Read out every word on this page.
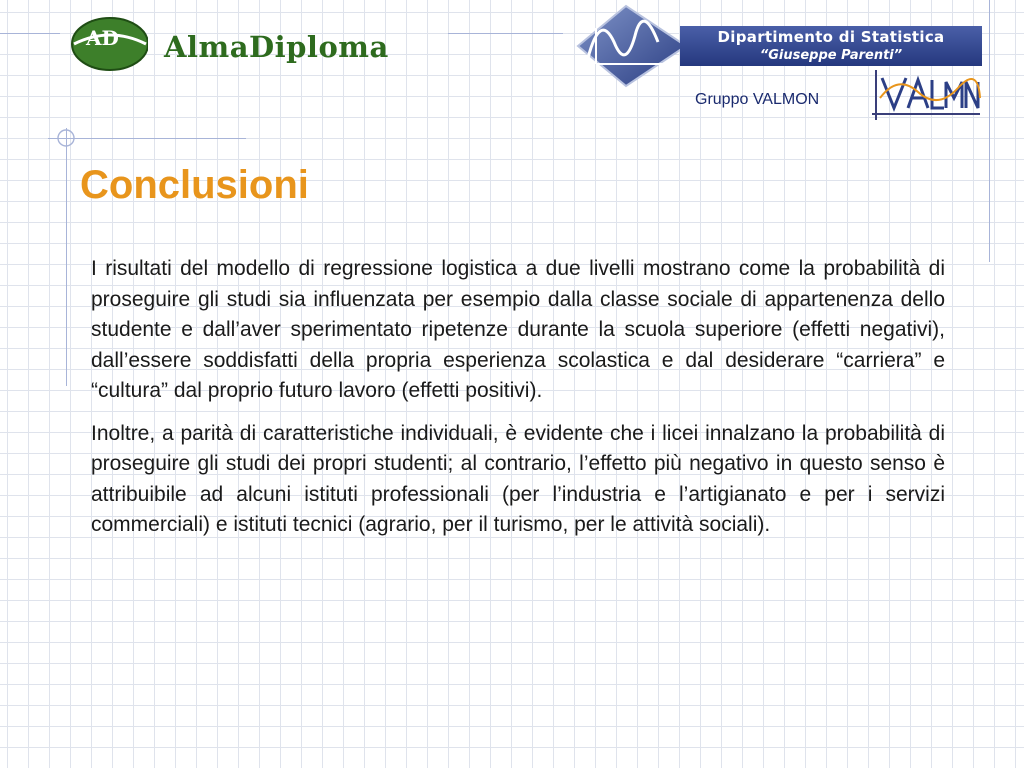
AD AlmaDiploma	Dipartimento di Statistica
“Giuseppe Parenti”
Gruppo VALMON
Conclusioni

I risultati del modello di regressione logistica a due livelli mostrano come la probabilità di proseguire gli studi sia influenzata per esempio dalla classe sociale di appartenenza dello studente e dall’aver sperimentato ripetenze durante la scuola superiore (effetti negativi), dall’essere soddisfatti della propria esperienza scolastica e dal desiderare “carriera” e “cultura” dal proprio futuro lavoro (effetti positivi).

Inoltre, a parità di caratteristiche individuali, è evidente che i licei innalzano la probabilità di proseguire gli studi dei propri studenti; al contrario, l’effetto più negativo in questo senso è attribuibile ad alcuni istituti professionali (per l’industria e l’artigianato e per i servizi commerciali) e istituti tecnici (agrario, per il turismo, per le attività sociali).
